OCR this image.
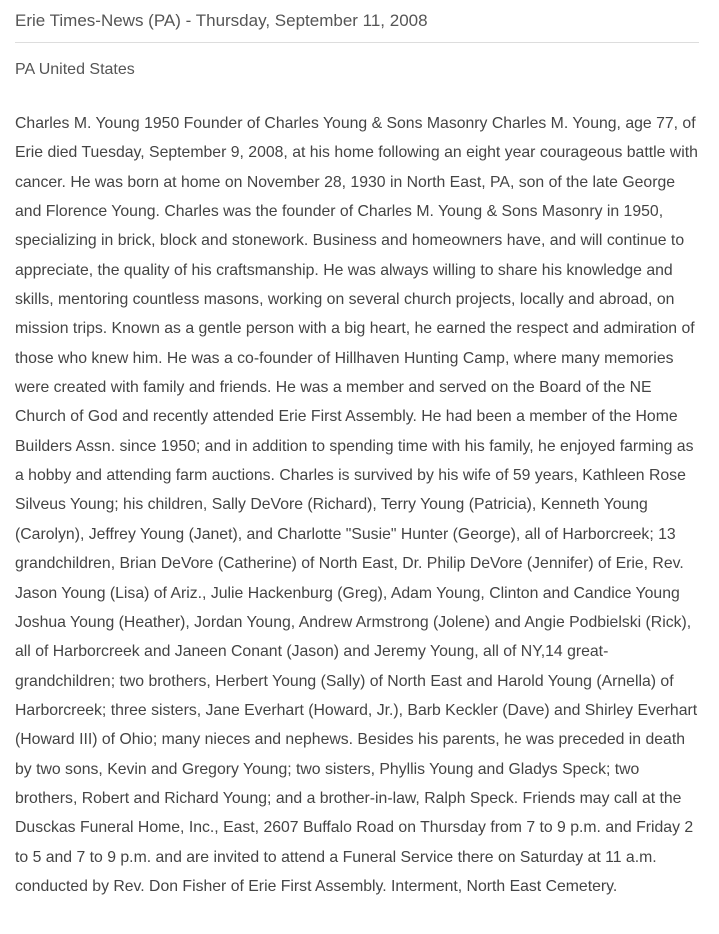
Erie Times-News (PA) - Thursday, September 11, 2008
PA United States
Charles M. Young 1950 Founder of Charles Young & Sons Masonry Charles M. Young, age 77, of Erie died Tuesday, September 9, 2008, at his home following an eight year courageous battle with cancer. He was born at home on November 28, 1930 in North East, PA, son of the late George and Florence Young. Charles was the founder of Charles M. Young & Sons Masonry in 1950, specializing in brick, block and stonework. Business and homeowners have, and will continue to appreciate, the quality of his craftsmanship. He was always willing to share his knowledge and skills, mentoring countless masons, working on several church projects, locally and abroad, on mission trips. Known as a gentle person with a big heart, he earned the respect and admiration of those who knew him. He was a co-founder of Hillhaven Hunting Camp, where many memories were created with family and friends. He was a member and served on the Board of the NE Church of God and recently attended Erie First Assembly. He had been a member of the Home Builders Assn. since 1950; and in addition to spending time with his family, he enjoyed farming as a hobby and attending farm auctions. Charles is survived by his wife of 59 years, Kathleen Rose Silveus Young; his children, Sally DeVore (Richard), Terry Young (Patricia), Kenneth Young (Carolyn), Jeffrey Young (Janet), and Charlotte "Susie" Hunter (George), all of Harborcreek; 13 grandchildren, Brian DeVore (Catherine) of North East, Dr. Philip DeVore (Jennifer) of Erie, Rev. Jason Young (Lisa) of Ariz., Julie Hackenburg (Greg), Adam Young, Clinton and Candice Young Joshua Young (Heather), Jordan Young, Andrew Armstrong (Jolene) and Angie Podbielski (Rick), all of Harborcreek and Janeen Conant (Jason) and Jeremy Young, all of NY,14 great-grandchildren; two brothers, Herbert Young (Sally) of North East and Harold Young (Arnella) of Harborcreek; three sisters, Jane Everhart (Howard, Jr.), Barb Keckler (Dave) and Shirley Everhart (Howard III) of Ohio; many nieces and nephews. Besides his parents, he was preceded in death by two sons, Kevin and Gregory Young; two sisters, Phyllis Young and Gladys Speck; two brothers, Robert and Richard Young; and a brother-in-law, Ralph Speck. Friends may call at the Dusckas Funeral Home, Inc., East, 2607 Buffalo Road on Thursday from 7 to 9 p.m. and Friday 2 to 5 and 7 to 9 p.m. and are invited to attend a Funeral Service there on Saturday at 11 a.m. conducted by Rev. Don Fisher of Erie First Assembly. Interment, North East Cemetery.
